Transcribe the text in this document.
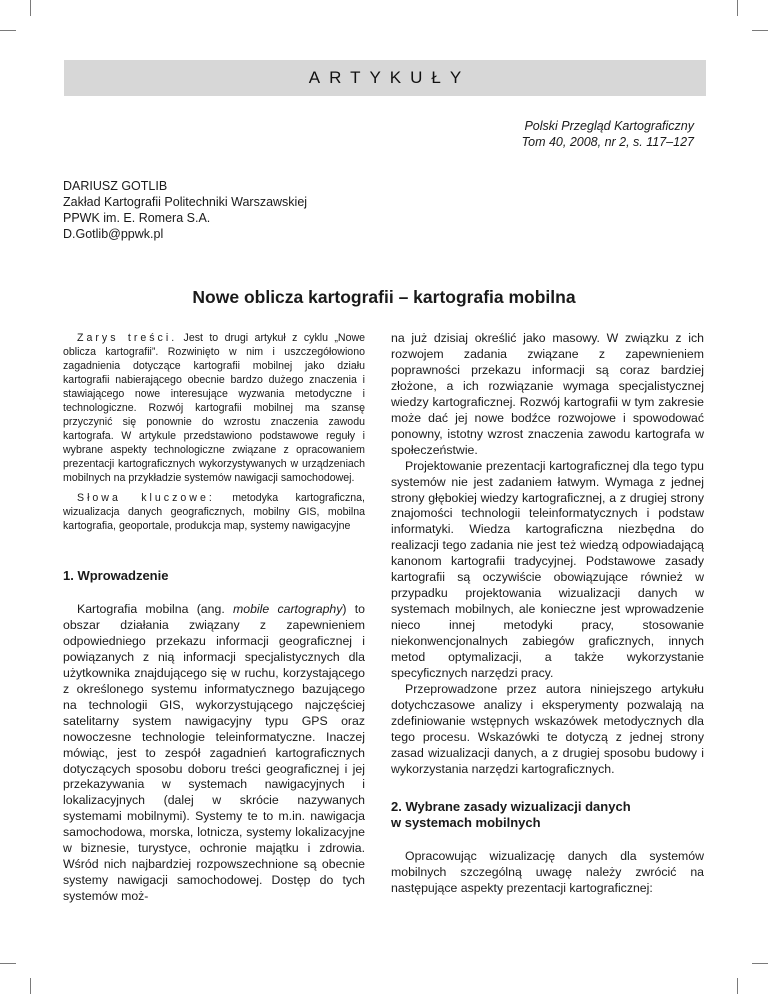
ARTYKUŁY
Polski Przegląd Kartograficzny
Tom 40, 2008, nr 2, s. 117–127
DARIUSZ GOTLIB
Zakład Kartografii Politechniki Warszawskiej
PPWK im. E. Romera S.A.
D.Gotlib@ppwk.pl
Nowe oblicza kartografii – kartografia mobilna

Zarys treści. Jest to drugi artykuł z cyklu „Nowe oblicza kartografii”. Rozwinięto w nim i uszczegółowiono zagadnienia dotyczące kartografii mobilnej jako działu kartografii nabierającego obecnie bardzo dużego znaczenia i stawiającego nowe interesujące wyzwania metodyczne i technologiczne. Rozwój kartografii mobilnej ma szansę przyczynić się ponownie do wzrostu znaczenia zawodu kartografa. W artykule przedstawiono podstawowe reguły i wybrane aspekty technologiczne związane z opracowaniem prezentacji kartograficznych wykorzystywanych w urządzeniach mobilnych na przykładzie systemów nawigacji samochodowej.

Słowa kluczowe: metodyka kartograficzna, wizualizacja danych geograficznych, mobilny GIS, mobilna kartografia, geoportale, produkcja map, systemy nawigacyjne

1. Wprowadzenie

Kartografia mobilna (ang. mobile cartography) to obszar działania związany z zapewnieniem odpowiedniego przekazu informacji geograficznej i powiązanych z nią informacji specjalistycznych dla użytkownika znajdującego się w ruchu, korzystającego z określonego systemu informatycznego bazującego na technologii GIS, wykorzystującego najczęściej satelitarny system nawigacyjny typu GPS oraz nowoczesne technologie teleinformatyczne. Inaczej mówiąc, jest to zespół zagadnień kartograficznych dotyczących sposobu doboru treści geograficznej i jej przekazywania w systemach nawigacyjnych i lokalizacyjnych (dalej w skrócie nazywanych systemami mobilnymi). Systemy te to m.in. nawigacja samochodowa, morska, lotnicza, systemy lokalizacyjne w biznesie, turystyce, ochronie majątku i zdrowia. Wśród nich najbardziej rozpowszechnione są obecnie systemy nawigacji samochodowej. Dostęp do tych systemów moż-

na już dzisiaj określić jako masowy. W związku z ich rozwojem zadania związane z zapewnieniem poprawności przekazu informacji są coraz bardziej złożone, a ich rozwiązanie wymaga specjalistycznej wiedzy kartograficznej. Rozwój kartografii w tym zakresie może dać jej nowe bodźce rozwojowe i spowodować ponowny, istotny wzrost znaczenia zawodu kartografa w społeczeństwie.

Projektowanie prezentacji kartograficznej dla tego typu systemów nie jest zadaniem łatwym. Wymaga z jednej strony głębokiej wiedzy kartograficznej, a z drugiej strony znajomości technologii teleinformatycznych i podstaw informatyki. Wiedza kartograficzna niezbędna do realizacji tego zadania nie jest też wiedzą odpowiadającą kanonom kartografii tradycyjnej. Podstawowe zasady kartografii są oczywiście obowiązujące również w przypadku projektowania wizualizacji danych w systemach mobilnych, ale konieczne jest wprowadzenie nieco innej metodyki pracy, stosowanie niekonwencjonalnych zabiegów graficznych, innych metod optymalizacji, a także wykorzystanie specyficznych narzędzi pracy.

Przeprowadzone przez autora niniejszego artykułu dotychczasowe analizy i eksperymenty pozwalają na zdefiniowanie wstępnych wskazówek metodycznych dla tego procesu. Wskazówki te dotyczą z jednej strony zasad wizualizacji danych, a z drugiej sposobu budowy i wykorzystania narzędzi kartograficznych.

2. Wybrane zasady wizualizacji danych
w systemach mobilnych

Opracowując wizualizację danych dla systemów mobilnych szczególną uwagę należy zwrócić na następujące aspekty prezentacji kartograficznej:
